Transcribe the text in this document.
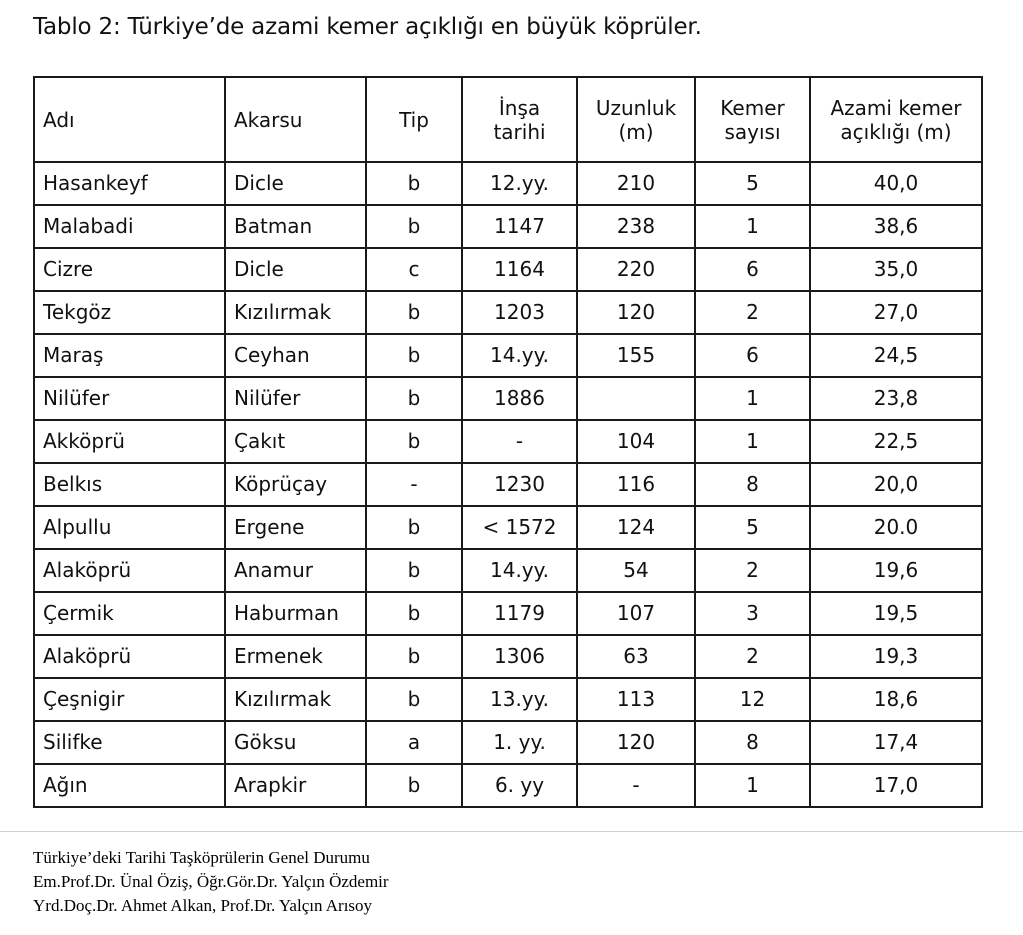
Tablo 2: Türkiye’de azami kemer açıklığı en büyük köprüler.
Adı	Akarsu	Tip	İnşa tarihi	Uzunluk (m)	Kemer sayısı	Azami kemer açıklığı (m)
Hasankeyf	Dicle	b	12.yy.	210	5	40,0
Malabadi	Batman	b	1147	238	1	38,6
Cizre	Dicle	c	1164	220	6	35,0
Tekgöz	Kızılırmak	b	1203	120	2	27,0
Maraş	Ceyhan	b	14.yy.	155	6	24,5
Nilüfer	Nilüfer	b	1886		1	23,8
Akköprü	Çakıt	b	-	104	1	22,5
Belkıs	Köprüçay	-	1230	116	8	20,0
Alpullu	Ergene	b	< 1572	124	5	20.0
Alaköprü	Anamur	b	14.yy.	54	2	19,6
Çermik	Haburman	b	1179	107	3	19,5
Alaköprü	Ermenek	b	1306	63	2	19,3
Çeşnigir	Kızılırmak	b	13.yy.	113	12	18,6
Silifke	Göksu	a	1. yy.	120	8	17,4
Ağın	Arapkir	b	6. yy	-	1	17,0
Türkiye’deki Tarihi Taşköprülerin Genel Durumu
Em.Prof.Dr. Ünal Öziş, Öğr.Gör.Dr. Yalçın Özdemir
Yrd.Doç.Dr. Ahmet Alkan, Prof.Dr. Yalçın Arısoy
